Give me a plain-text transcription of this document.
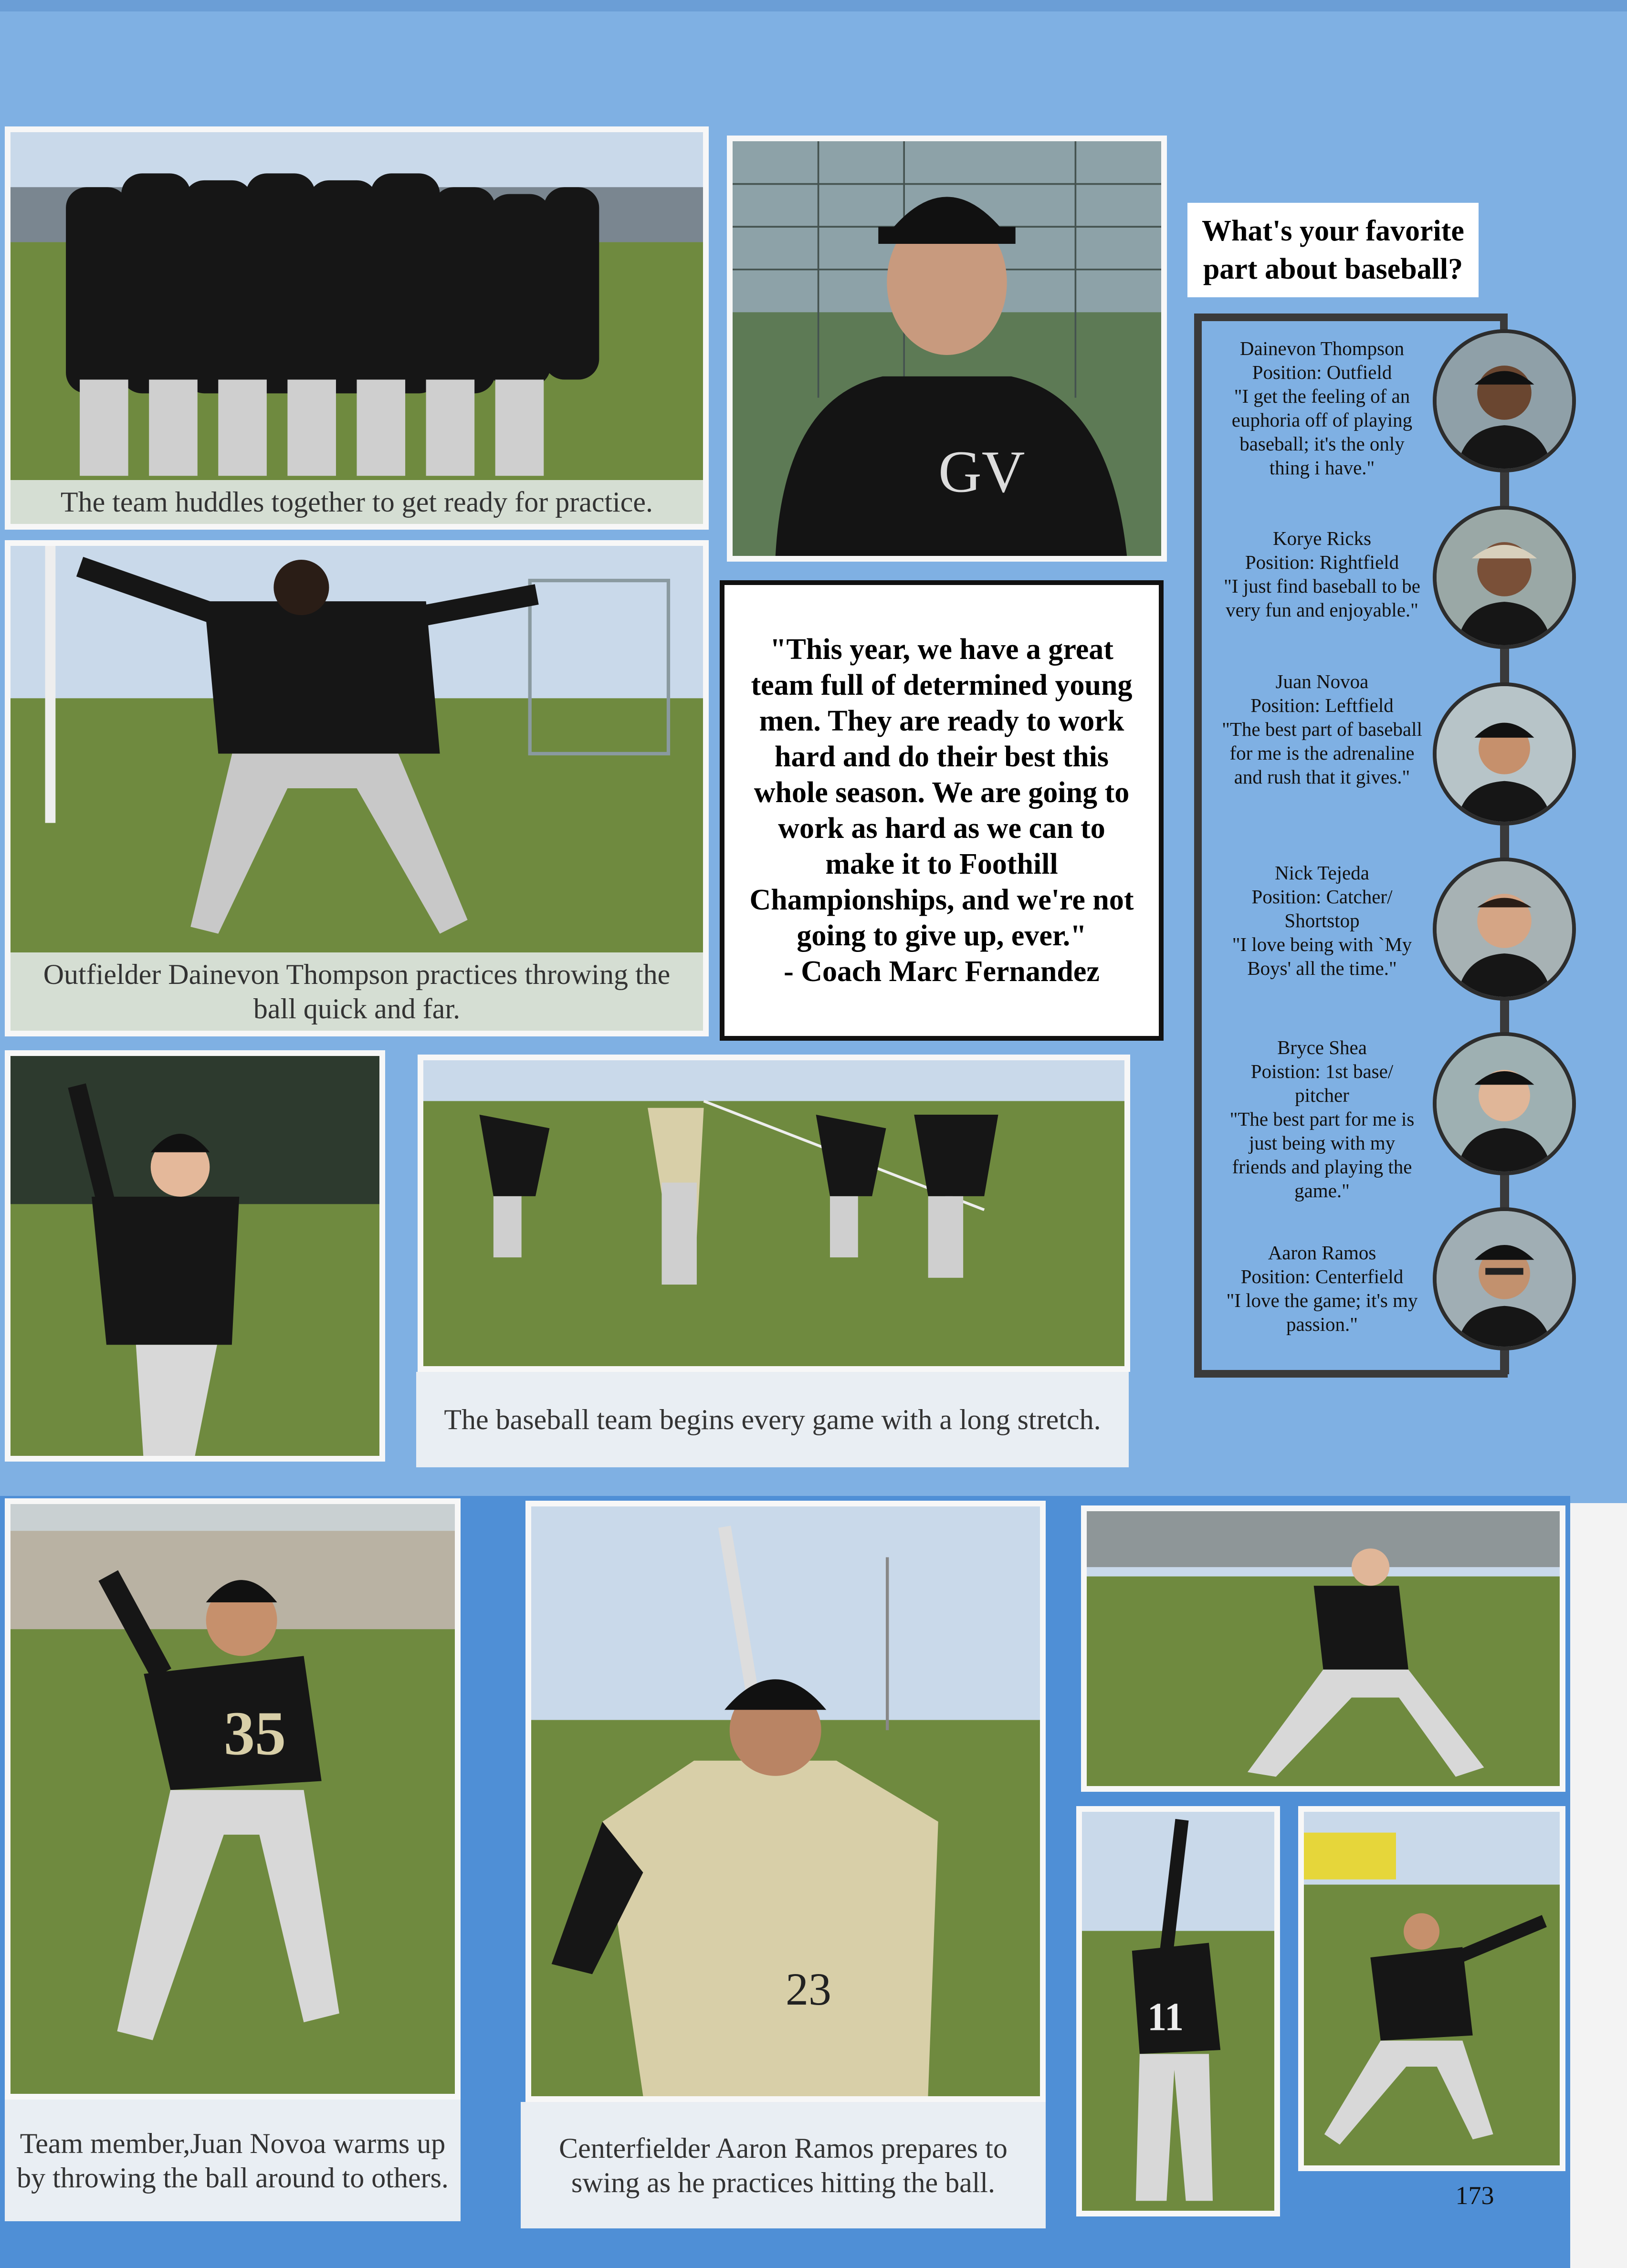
The team huddles together to get ready for practice.	GV
Outfielder Dainevon Thompson practices throwing the ball quick and far.
"This year, we have a great team full of determined young men. They are ready to work hard and do their best this whole season. We are going to work as hard as we can to make it to Foothill Championships, and we're not going to give up, ever."
- Coach Marc Fernandez
The baseball team begins every game with a long stretch.
What's your favorite part about baseball?
Dainevon Thompson
Position: Outfield
"I get the feeling of an euphoria off of playing baseball; it's the only thing i have."
Korye Ricks
Position: Rightfield
"I just find baseball to be very fun and enjoyable."
Juan Novoa
Position: Leftfield
"The best part of baseball for me is the adrenaline and rush that it gives."
Nick Tejeda
Position: Catcher/ Shortstop
"I love being with `My Boys' all the time."
Bryce Shea
Poistion: 1st base/ pitcher
"The best part for me is just being with my friends and playing the game."
Aaron Ramos
Position: Centerfield
"I love the game; it's my passion."
35
Team member,Juan Novoa warms up by throwing the ball around to others.
23
Centerfielder Aaron Ramos prepares to swing as he practices hitting the ball.
11
173
